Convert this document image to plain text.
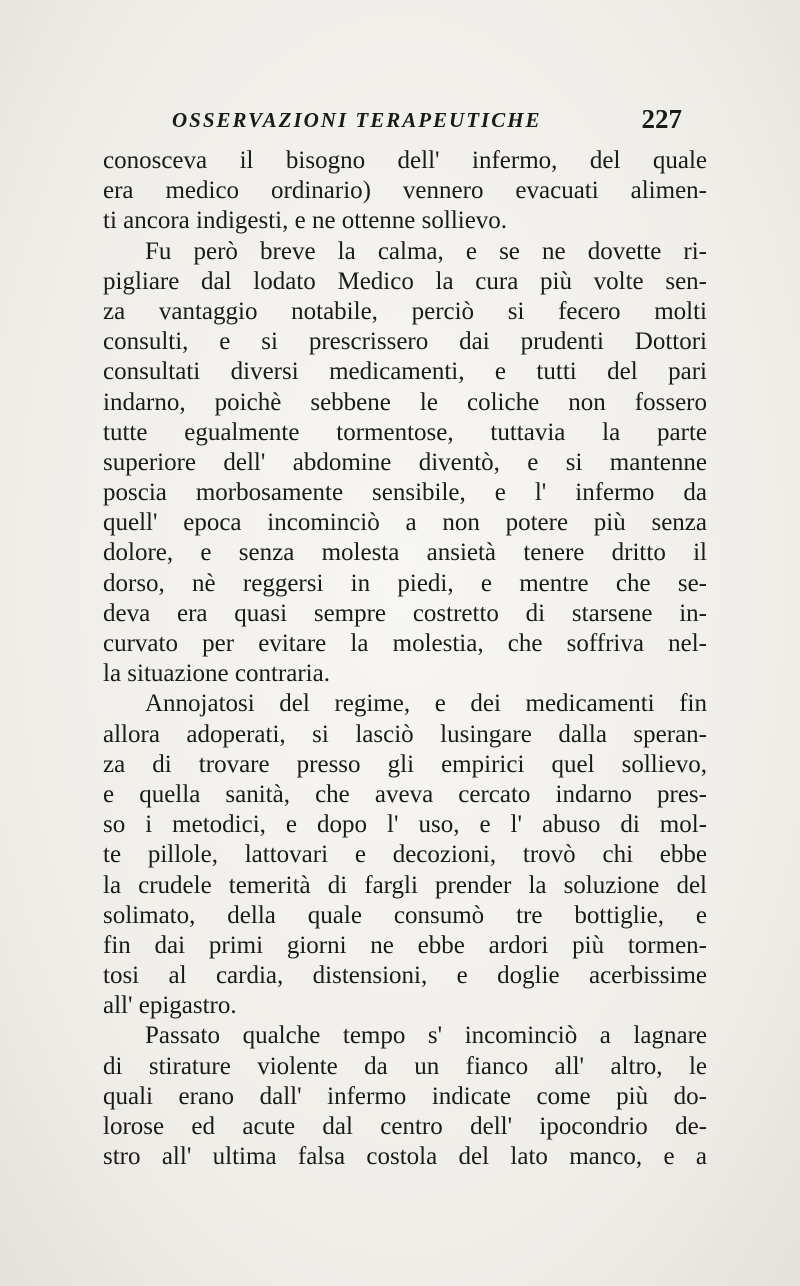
OSSERVAZIONI TERAPEUTICHE	227
conosceva il bisogno dell' infermo, del quale
era medico ordinario) vennero evacuati alimen-
ti ancora indigesti, e ne ottenne sollievo.
Fu però breve la calma, e se ne dovette ri-
pigliare dal lodato Medico la cura più volte sen-
za vantaggio notabile, perciò si fecero molti
consulti, e si prescrissero dai prudenti Dottori
consultati diversi medicamenti, e tutti del pari
indarno, poichè sebbene le coliche non fossero
tutte egualmente tormentose, tuttavia la parte
superiore dell' abdomine diventò, e si mantenne
poscia morbosamente sensibile, e l' infermo da
quell' epoca incominciò a non potere più senza
dolore, e senza molesta ansietà tenere dritto il
dorso, nè reggersi in piedi, e mentre che se-
deva era quasi sempre costretto di starsene in-
curvato per evitare la molestia, che soffriva nel-
la situazione contraria.
Annojatosi del regime, e dei medicamenti fin
allora adoperati, si lasciò lusingare dalla speran-
za di trovare presso gli empirici quel sollievo,
e quella sanità, che aveva cercato indarno pres-
so i metodici, e dopo l' uso, e l' abuso di mol-
te pillole, lattovari e decozioni, trovò chi ebbe
la crudele temerità di fargli prender la soluzione del
solimato, della quale consumò tre bottiglie, e
fin dai primi giorni ne ebbe ardori più tormen-
tosi al cardia, distensioni, e doglie acerbissime
all' epigastro.
Passato qualche tempo s' incominciò a lagnare
di stirature violente da un fianco all' altro, le
quali erano dall' infermo indicate come più do-
lorose ed acute dal centro dell' ipocondrio de-
stro all' ultima falsa costola del lato manco, e a
